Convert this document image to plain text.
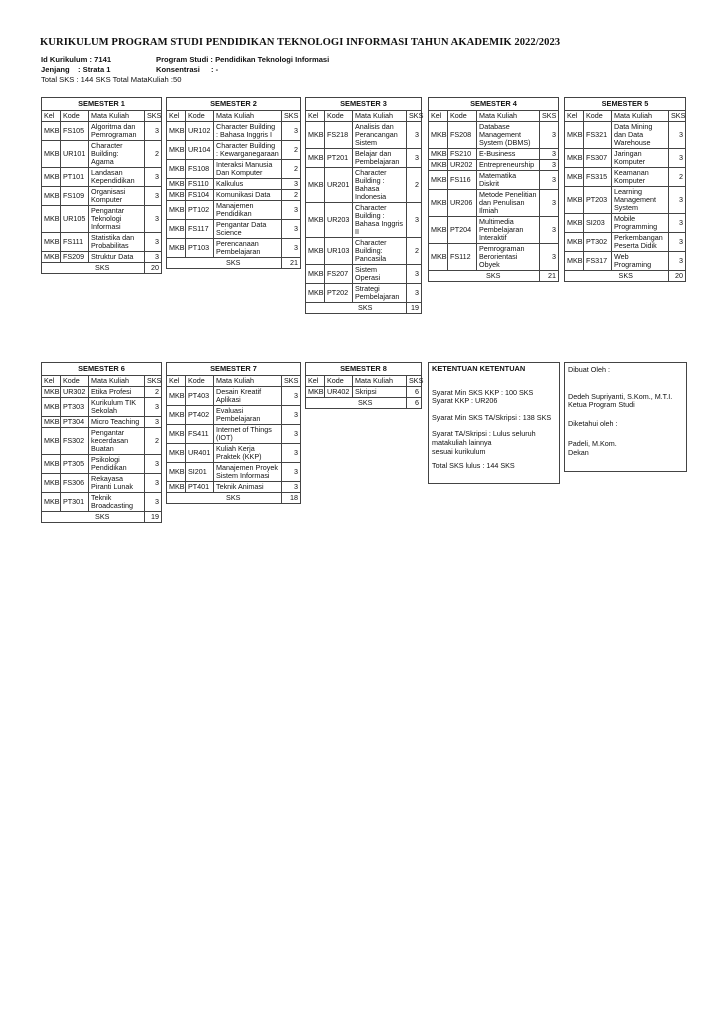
KURIKULUM PROGRAM STUDI PENDIDIKAN TEKNOLOGI INFORMASI TAHUN AKADEMIK 2022/2023
Id Kurikulum : 7141	Program Studi : Pendidikan Teknologi Informasi
Jenjang : Strata 1	Konsentrasi : -
Total SKS : 144 SKS Total MataKuliah :50
SEMESTER 1			
Kel	Kode	Mata Kuliah	SKS
MKB	FS105	Algoritma dan Pemrograman	3
MKB	UR101	Character Building: Agama	2
MKB	PT101	Landasan Kependidikan	3
MKB	FS109	Organisasi Komputer	3
MKB	UR105	Pengantar Teknologi Informasi	3
MKB	FS111	Statistika dan Probabilitas	3
MKB	FS209	Struktur Data	3
	SKS		20
SEMESTER 2			
Kel	Kode	Mata Kuliah	SKS
MKB	UR102	Character Building : Bahasa Inggris I	3
MKB	UR104	Character Building : Kewarganegaraan	2
MKB	FS108	Interaksi Manusia Dan Komputer	2
MKB	FS110	Kalkulus	3
MKB	FS104	Komunikasi Data	2
MKB	PT102	Manajemen Pendidikan	3
MKB	FS117	Pengantar Data Science	3
MKB	PT103	Perencanaan Pembelajaran	3
	SKS		21
SEMESTER 3			
Kel	Kode	Mata Kuliah	SKS
MKB	FS218	Analisis dan Perancangan Sistem	3
MKB	PT201	Belajar dan Pembelajaran	3
MKB	UR201	Character Building : Bahasa Indonesia	2
MKB	UR203	Character Building : Bahasa Inggris II	3
MKB	UR103	Character Building: Pancasila	2
MKB	FS207	Sistem Operasi	3
MKB	PT202	Strategi Pembelajaran	3
	SKS		19
SEMESTER 4			
Kel	Kode	Mata Kuliah	SKS
MKB	FS208	Database Management System (DBMS)	3
MKB	FS210	E-Business	3
MKB	UR202	Entrepreneurship	3
MKB	FS116	Matematika Diskrit	3
MKB	UR206	Metode Penelitian dan Penulisan Ilmiah	3
MKB	PT204	Multimedia Pembelajaran Interaktif	3
MKB	FS112	Pemrograman Berorientasi Obyek	3
	SKS		21
SEMESTER 5			
Kel	Kode	Mata Kuliah	SKS
MKB	FS321	Data Mining dan Data Warehouse	3
MKB	FS307	Jaringan Komputer	3
MKB	FS315	Keamanan Komputer	2
MKB	PT203	Learning Management System	3
MKB	SI203	Mobile Programming	3
MKB	PT302	Perkembangan Peserta Didik	3
MKB	FS317	Web Programing	3
	SKS		20
SEMESTER 6			
Kel	Kode	Mata Kuliah	SKS
MKB	UR302	Etika Profesi	2
MKB	PT303	Kurikulum TIK Sekolah	3
MKB	PT304	Micro Teaching	3
MKB	FS302	Pengantar kecerdasan Buatan	2
MKB	PT305	Psikologi Pendidikan	3
MKB	FS306	Rekayasa Piranti Lunak	3
MKB	PT301	Teknik Broadcasting	3
	SKS		19
SEMESTER 7			
Kel	Kode	Mata Kuliah	SKS
MKB	PT403	Desain Kreatif Aplikasi	3
MKB	PT402	Evaluasi Pembelajaran	3
MKB	FS411	Internet of Things (IOT)	3
MKB	UR401	Kuliah Kerja Praktek (KKP)	3
MKB	SI201	Manajemen Proyek Sistem Informasi	3
MKB	PT401	Teknik Animasi	3
	SKS		18
SEMESTER 8			
Kel	Kode	Mata Kuliah	SKS
MKB	UR402	Skripsi	6
	SKS		6
KETENTUAN KETENTUAN
Syarat Min SKS KKP : 100 SKS
Syarat KKP : UR206
Syarat Min SKS TA/Skripsi : 138 SKS
Syarat TA/Skripsi : Lulus seluruh
matakuliah lainnya
sesuai kurikulum
Total SKS lulus : 144 SKS
Dibuat Oleh :
Dedeh Supriyanti, S.Kom., M.T.I.
Ketua Program Studi
Diketahui oleh :
Padeli, M.Kom.
Dekan
